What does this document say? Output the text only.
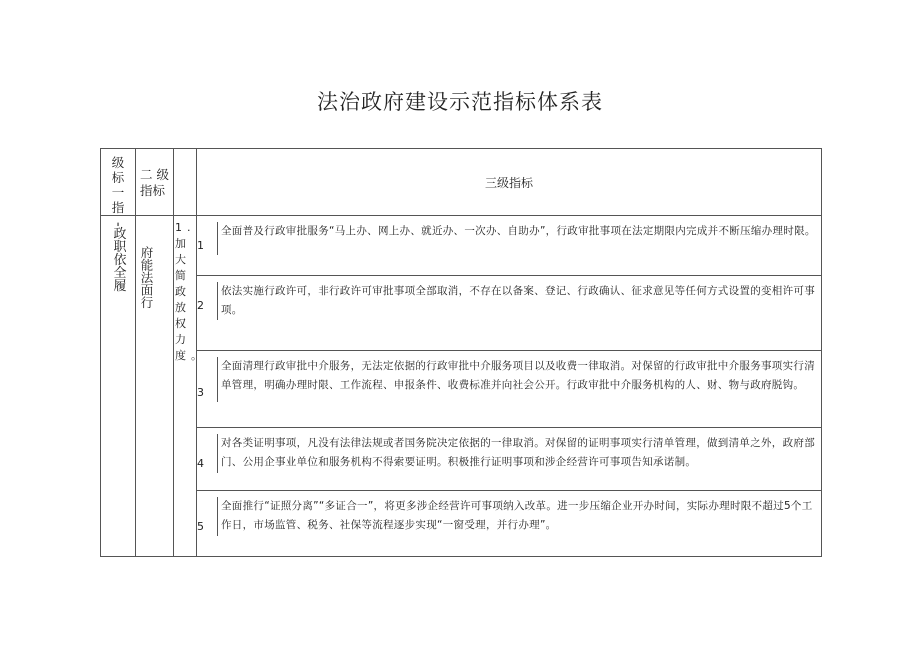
法治政府建设示范指标体系表
级标一指	二 级指标		三级指标

-政职依全履	府能法面行	1.加大简政放权力度。	1
全面普及行政审批服务“马上办、网上办、就近办、一次办、自助办”，行政审批事项在法定期限内完成并不断压缩办理时限。

			2
依法实施行政许可，非行政许可审批事项全部取消，不存在以备案、登记、行政确认、征求意见等任何方式设置的变相许可事项。

			3
全面清理行政审批中介服务，无法定依据的行政审批中介服务项目以及收费一律取消。对保留的行政审批中介服务事项实行清单管理，明确办理时限、工作流程、申报条件、收费标准并向社会公开。行政审批中介服务机构的人、财、物与政府脱钩。

			4
对各类证明事项，凡没有法律法规或者国务院决定依据的一律取消。对保留的证明事项实行清单管理，做到清单之外，政府部门、公用企事业单位和服务机构不得索要证明。积极推行证明事项和涉企经营许可事项告知承诺制。

			5
全面推行“证照分离”“多证合一”，将更多涉企经营许可事项纳入改革。进一步压缩企业开办时间，实际办理时限不超过5个工作日，市场监管、税务、社保等流程逐步实现“一窗受理，并行办理”。
